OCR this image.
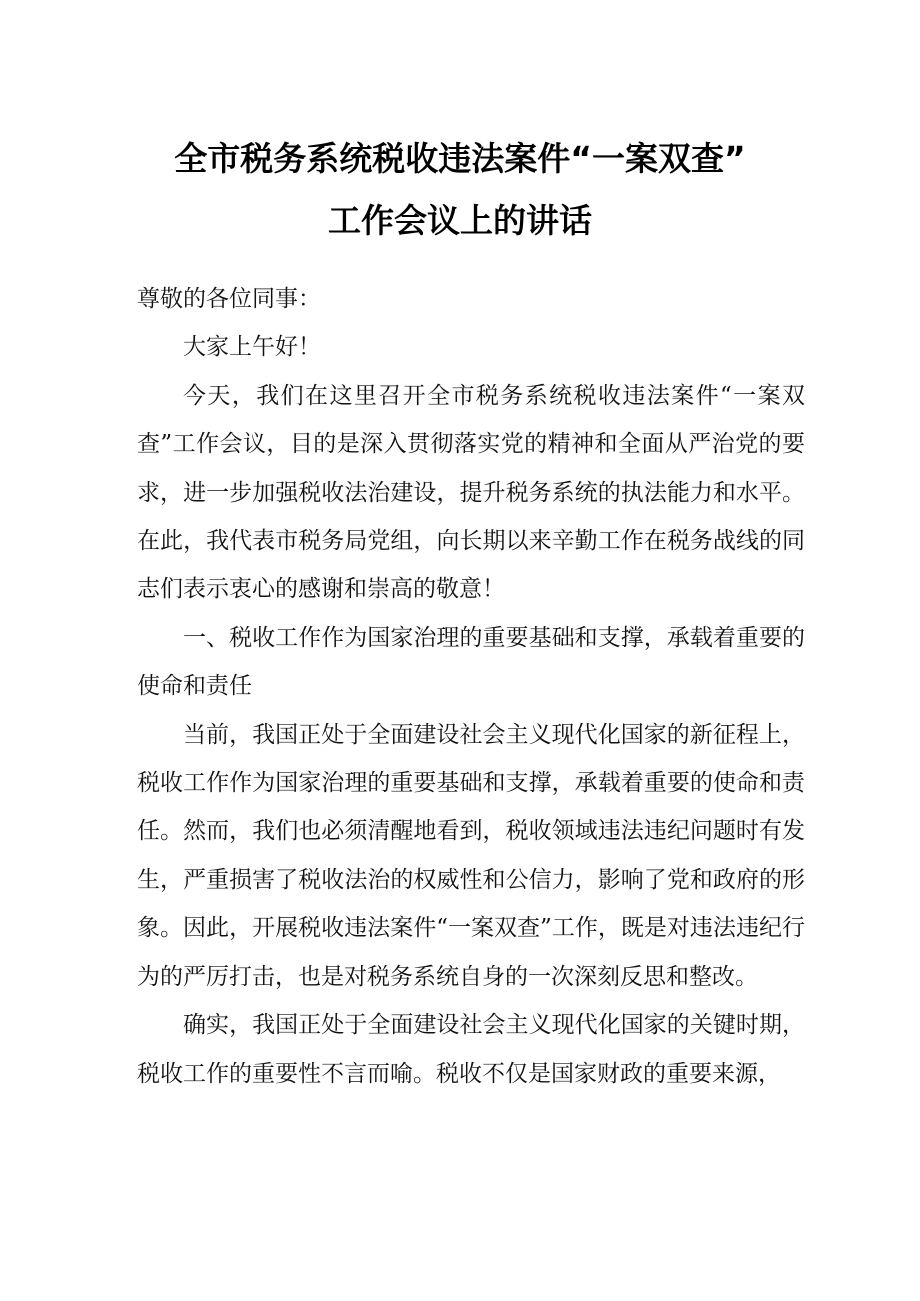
全市税务系统税收违法案件“一案双查”
工作会议上的讲话

尊敬的各位同事：

大家上午好！

今天，我们在这里召开全市税务系统税收违法案件“一案双查”工作会议，目的是深入贯彻落实党的精神和全面从严治党的要求，进一步加强税收法治建设，提升税务系统的执法能力和水平。在此，我代表市税务局党组，向长期以来辛勤工作在税务战线的同志们表示衷心的感谢和崇高的敬意！

一、税收工作作为国家治理的重要基础和支撑，承载着重要的使命和责任

当前，我国正处于全面建设社会主义现代化国家的新征程上，税收工作作为国家治理的重要基础和支撑，承载着重要的使命和责任。然而，我们也必须清醒地看到，税收领域违法违纪问题时有发生，严重损害了税收法治的权威性和公信力，影响了党和政府的形象。因此，开展税收违法案件“一案双查”工作，既是对违法违纪行为的严厉打击，也是对税务系统自身的一次深刻反思和整改。

确实，我国正处于全面建设社会主义现代化国家的关键时期，税收工作的重要性不言而喻。税收不仅是国家财政的重要来源，
